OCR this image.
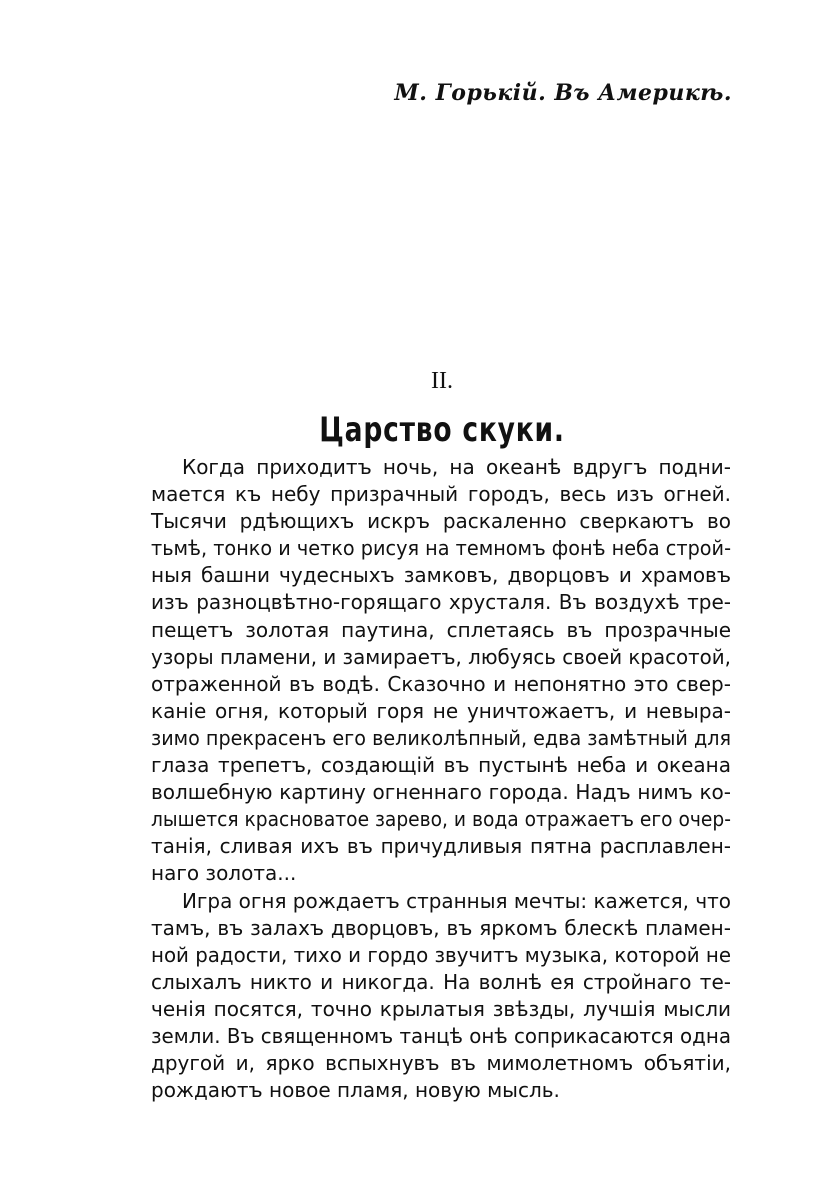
М. Горькій. Въ Америкѣ.
II.
Царство скуки.
Когда приходитъ ночь, на океанѣ вдругъ подни-
мается къ небу призрачный городъ, весь изъ огней.
Тысячи рдѣющихъ искръ раскаленно сверкаютъ во
тьмѣ, тонко и четко рисуя на темномъ фонѣ неба строй-
ныя башни чудесныхъ замковъ, дворцовъ и храмовъ
изъ разноцвѣтно-горящаго хрусталя. Въ воздухѣ тре-
пещетъ золотая паутина, сплетаясь въ прозрачные
узоры пламени, и замираетъ, любуясь своей красотой,
отраженной въ водѣ. Сказочно и непонятно это свер-
каніе огня, который горя не уничтожаетъ, и невыра-
зимо прекрасенъ его великолѣпный, едва замѣтный для
глаза трепетъ, создающій въ пустынѣ неба и океана
волшебную картину огненнаго города. Надъ нимъ ко-
лышется красноватое зарево, и вода отражаетъ его очер-
танія, сливая ихъ въ причудливыя пятна расплавлен-
наго золота...
Игра огня рождаетъ странныя мечты: кажется, что
тамъ, въ залахъ дворцовъ, въ яркомъ блескѣ пламен-
ной радости, тихо и гордо звучитъ музыка, которой не
слыхалъ никто и никогда. На волнѣ ея стройнаго те-
ченія посятся, точно крылатыя звѣзды, лучшія мысли
земли. Въ священномъ танцѣ онѣ соприкасаются одна
другой и, ярко вспыхнувъ въ мимолетномъ объятіи,
рождаютъ новое пламя, новую мысль.
